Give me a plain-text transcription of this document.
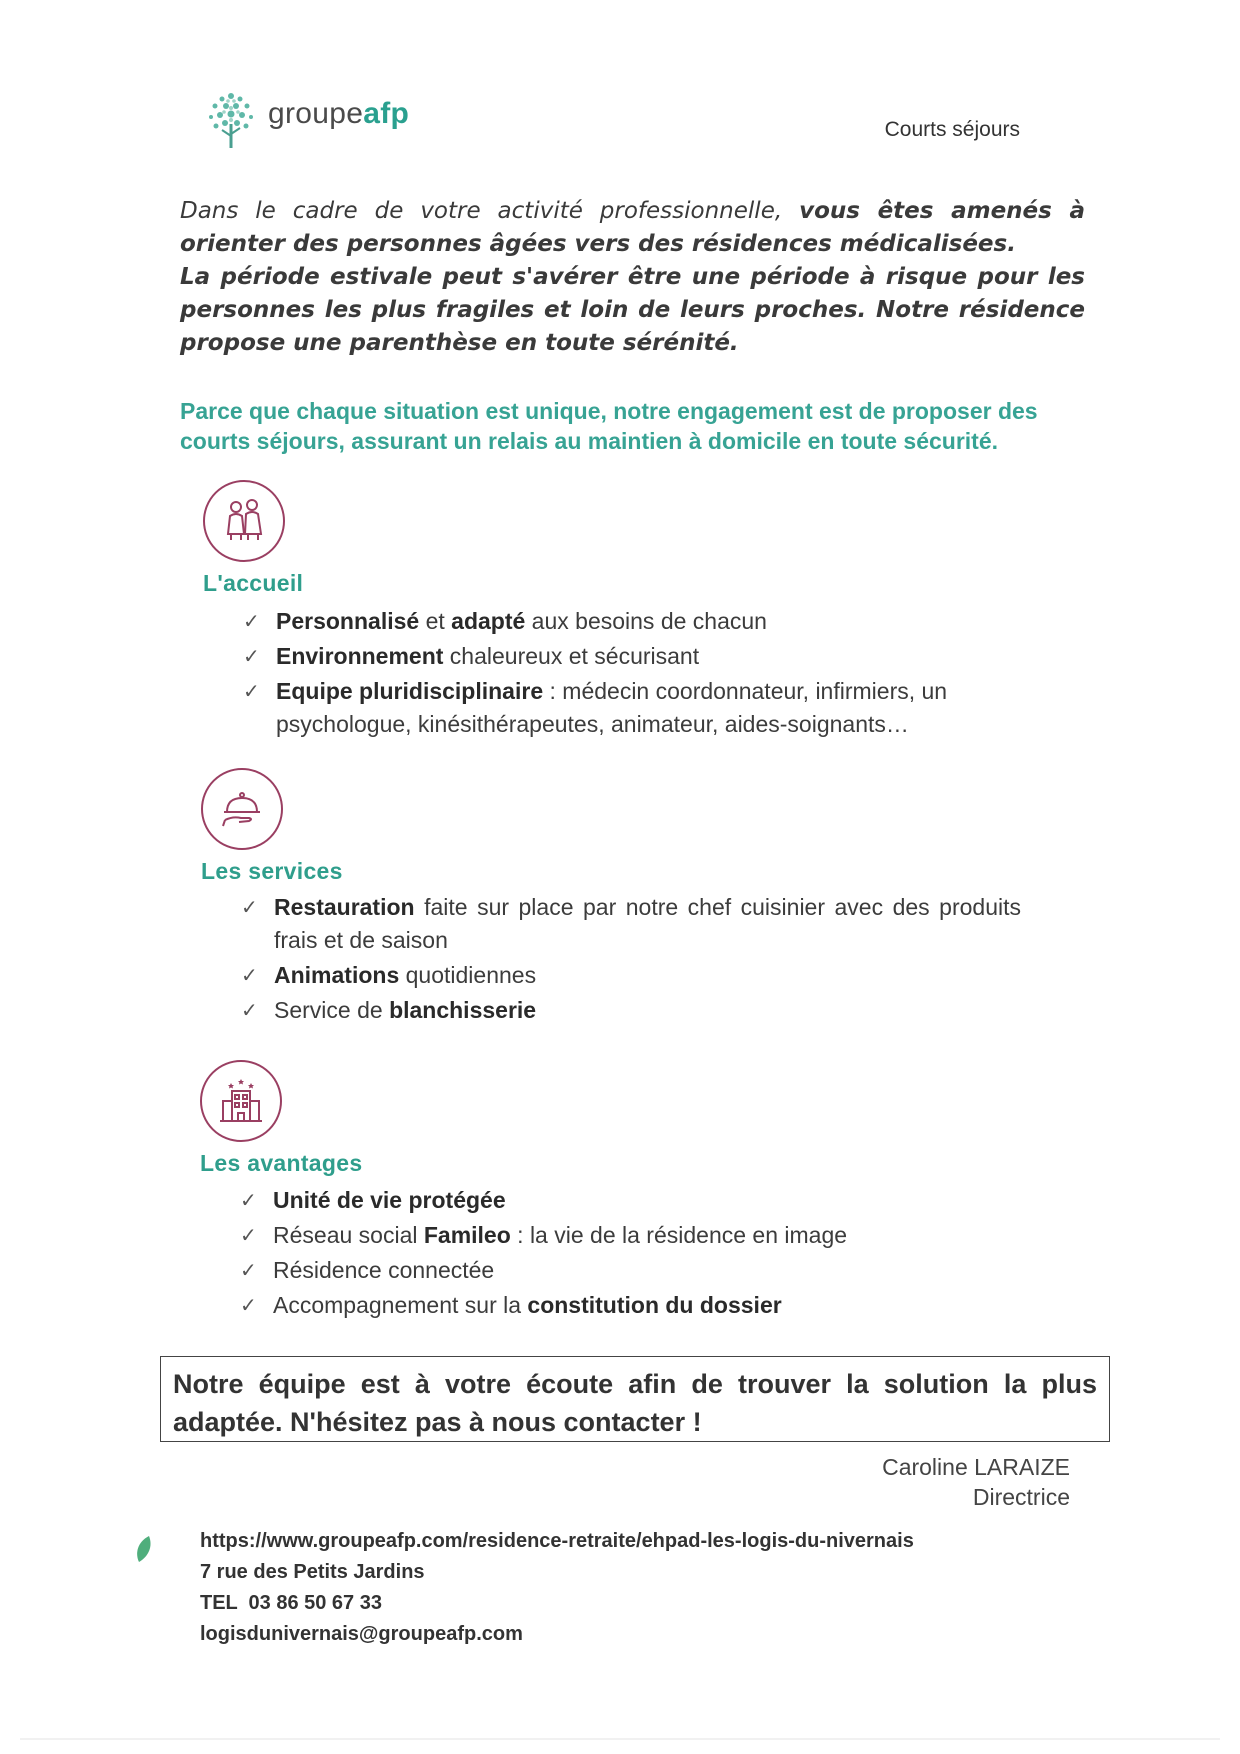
groupeafp	Courts séjours

Dans le cadre de votre activité professionnelle, vous êtes amenés à orienter des personnes âgées vers des résidences médicalisées.

La période estivale peut s'avérer être une période à risque pour les personnes les plus fragiles et loin de leurs proches. Notre résidence propose une parenthèse en toute sérénité.

Parce que chaque situation est unique, notre engagement est de proposer des courts séjours, assurant un relais au maintien à domicile en toute sécurité.
L'accueil
✓ Personnalisé et adapté aux besoins de chacun
✓ Environnement chaleureux et sécurisant
✓ Equipe pluridisciplinaire : médecin coordonnateur, infirmiers, un psychologue, kinésithérapeutes, animateur, aides-soignants…
Les services
✓ Restauration faite sur place par notre chef cuisinier avec des produits frais et de saison
✓ Animations quotidiennes
✓ Service de blanchisserie
Les avantages
✓ Unité de vie protégée
✓ Réseau social Famileo : la vie de la résidence en image
✓ Résidence connectée
✓ Accompagnement sur la constitution du dossier
Notre équipe est à votre écoute afin de trouver la solution la plus adaptée. N'hésitez pas à nous contacter !
Caroline LARAIZE
Directrice
https://www.groupeafp.com/residence-retraite/ehpad-les-logis-du-nivernais
7 rue des Petits Jardins
TEL  03 86 50 67 33
logisdunivernais@groupeafp.com
